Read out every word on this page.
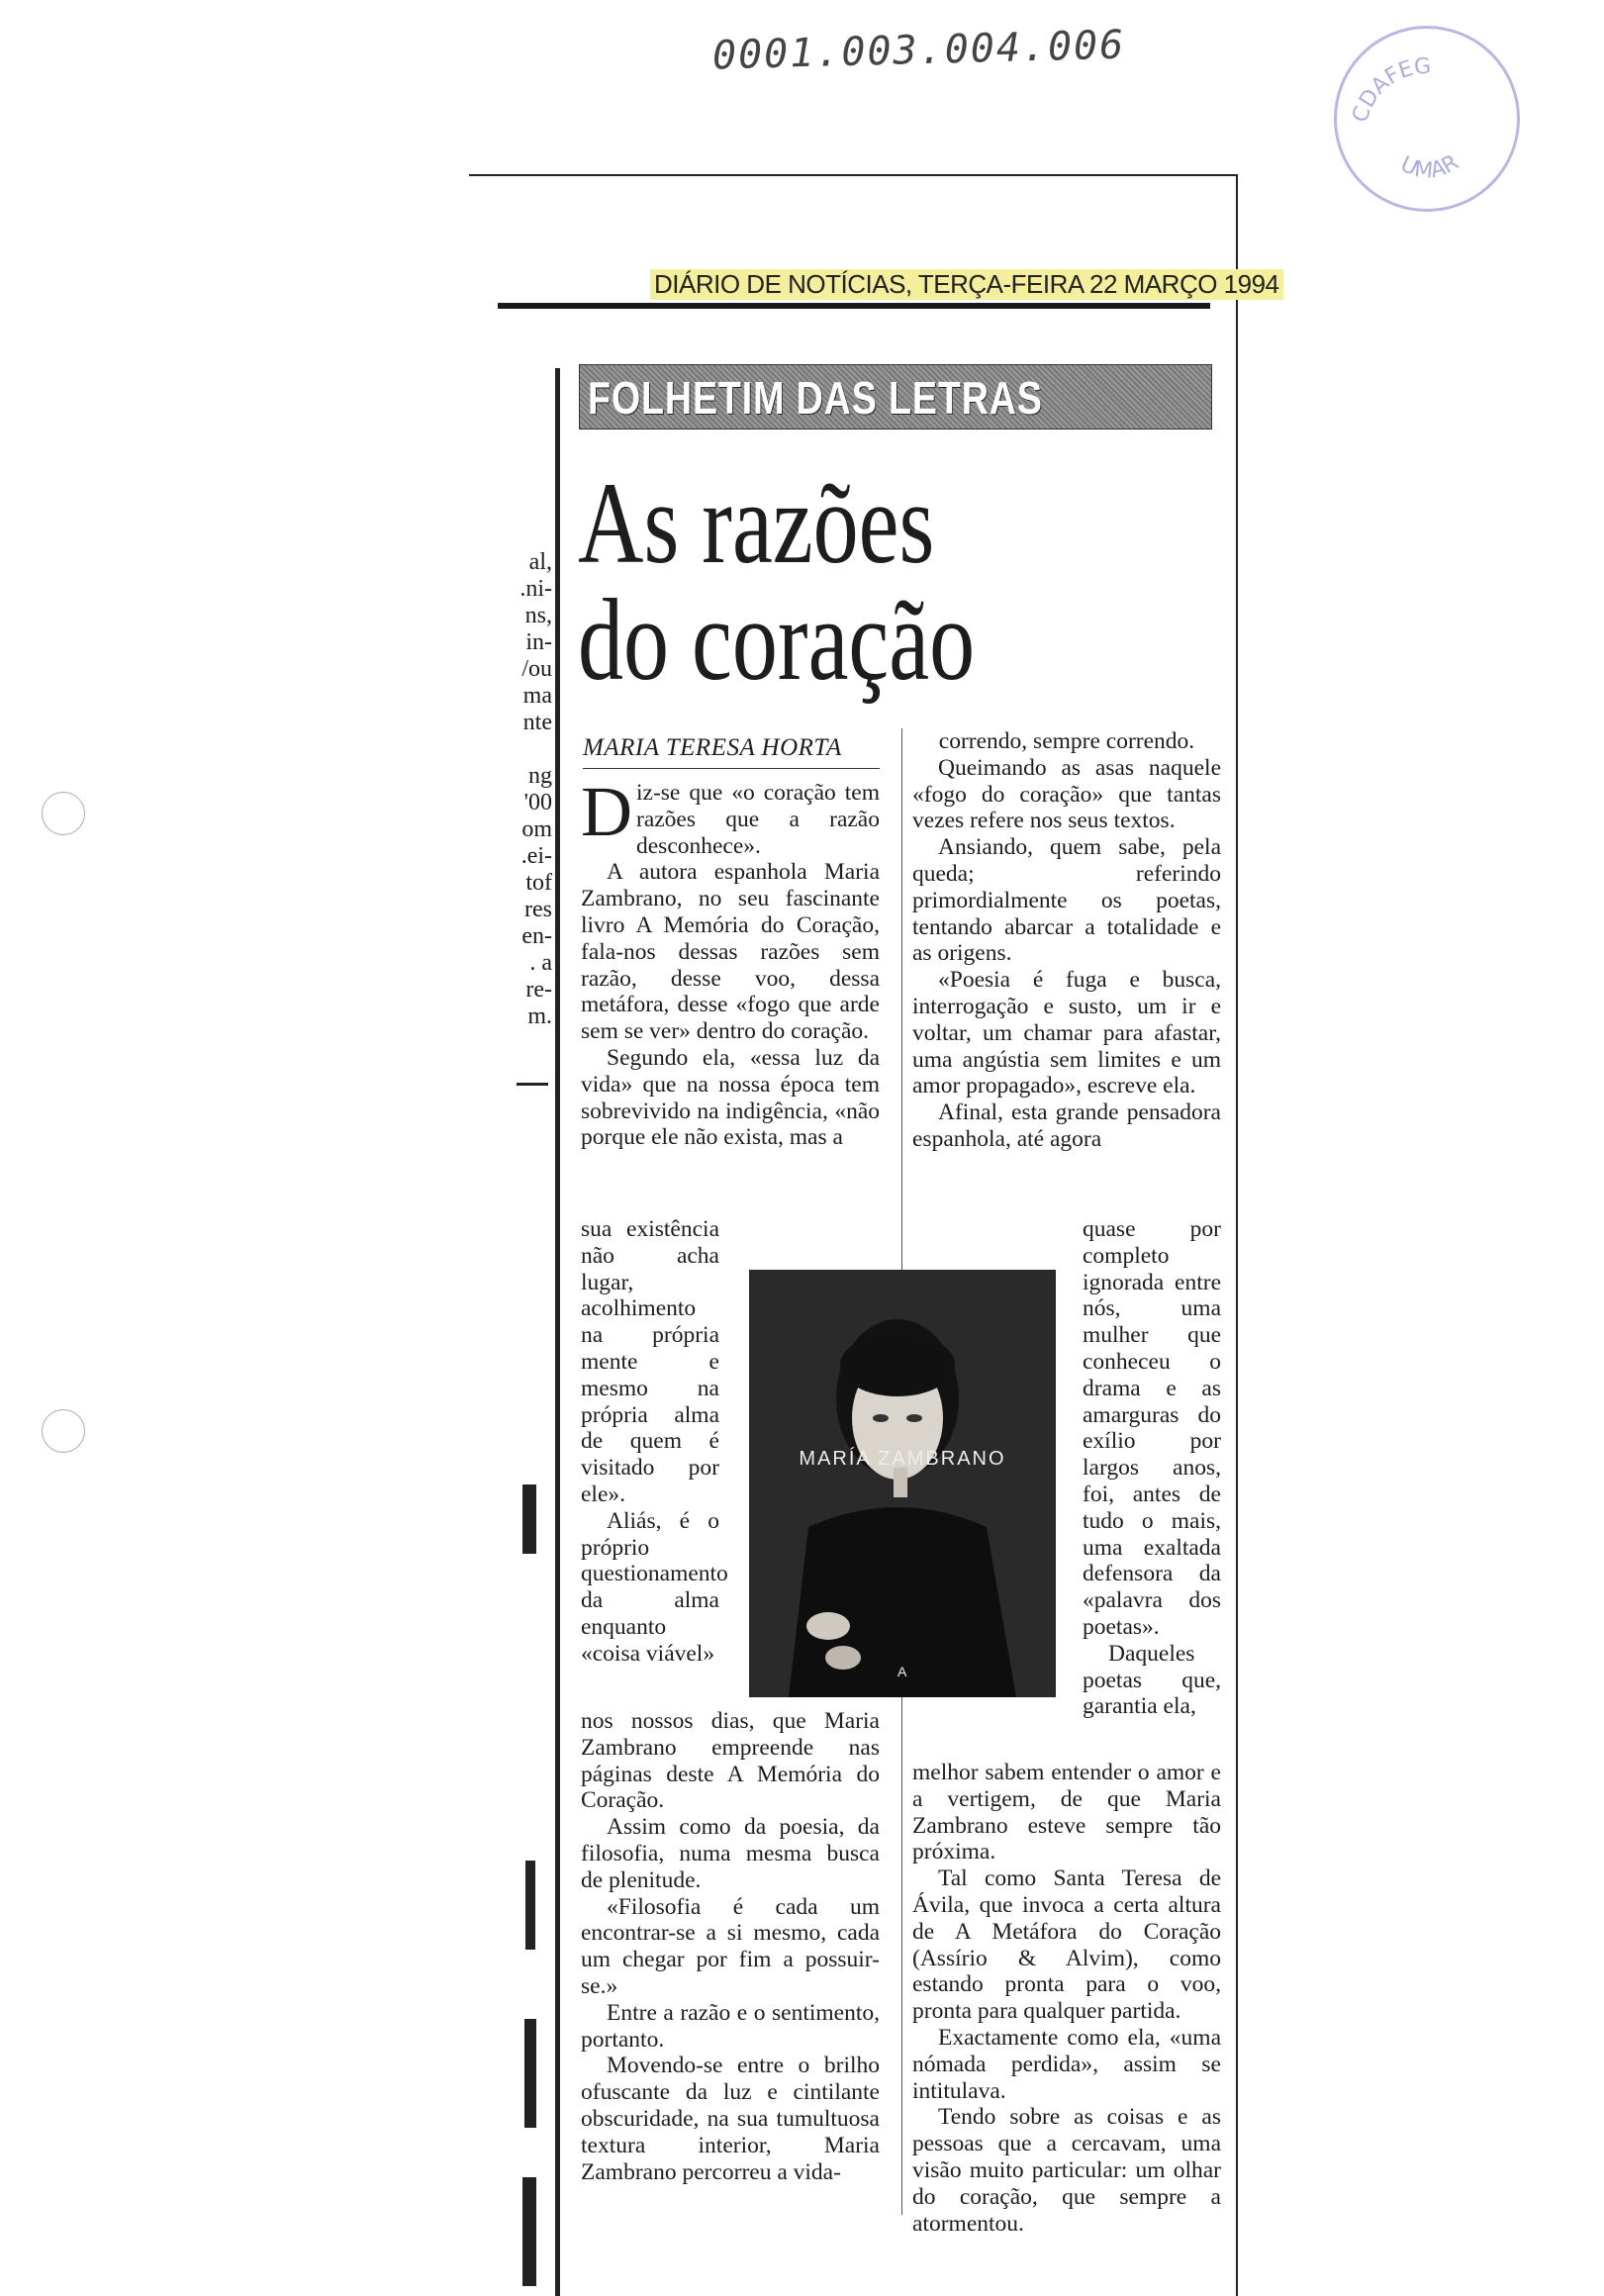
0001.003.004.006
CDAFEG
UMAR
DIÁRIO DE NOTÍCIAS, TERÇA-FEIRA 22 MARÇO 1994
al,
.ni-
ns,
in-
/ou
ma
nte
ng
'00
om
.ei-
tof
res
en-
. a
re-
m.
FOLHETIM DAS LETRAS
As razões
do coração
MARIA TERESA HORTA

Diz-se que «o coração tem razões que a razão desconhece».

A autora espanhola Maria Zambrano, no seu fascinante livro A Memória do Coração, fala-nos dessas razões sem razão, desse voo, dessa metáfora, desse «fogo que arde sem se ver» dentro do coração.

Segundo ela, «essa luz da vida» que na nossa época tem sobrevivido na indigência, «não porque ele não exista, mas a

sua existência não acha lugar, acolhimento na própria mente e mesmo na própria alma de quem é visitado por ele».

Aliás, é o próprio questionamento da alma enquanto «coisa viável»

nos nossos dias, que Maria Zambrano empreende nas páginas deste A Memória do Coração.

Assim como da poesia, da filosofia, numa mesma busca de plenitude.

«Filosofia é cada um encontrar-se a si mesmo, cada um chegar por fim a possuir-se.»

Entre a razão e o sentimento, portanto.

Movendo-se entre o brilho ofuscante da luz e cintilante obscuridade, na sua tumultuosa textura interior, Maria Zambrano percorreu a vida-

MARÍA ZAMBRANO
A

correndo, sempre correndo.

Queimando as asas naquele «fogo do coração» que tantas vezes refere nos seus textos.

Ansiando, quem sabe, pela queda; referindo primordialmente os poetas, tentando abarcar a totalidade e as origens.

«Poesia é fuga e busca, interrogação e susto, um ir e voltar, um chamar para afastar, uma angústia sem limites e um amor propagado», escreve ela.

Afinal, esta grande pensadora espanhola, até agora

quase por completo ignorada entre nós, uma mulher que conheceu o drama e as amarguras do exílio por largos anos, foi, antes de tudo o mais, uma exaltada defensora da «palavra dos poetas».

Daqueles poetas que, garantia ela,

melhor sabem entender o amor e a vertigem, de que Maria Zambrano esteve sempre tão próxima.

Tal como Santa Teresa de Ávila, que invoca a certa altura de A Metáfora do Coração (Assírio & Alvim), como estando pronta para o voo, pronta para qualquer partida.

Exactamente como ela, «uma nómada perdida», assim se intitulava.

Tendo sobre as coisas e as pessoas que a cercavam, uma visão muito particular: um olhar do coração, que sempre a atormentou.
